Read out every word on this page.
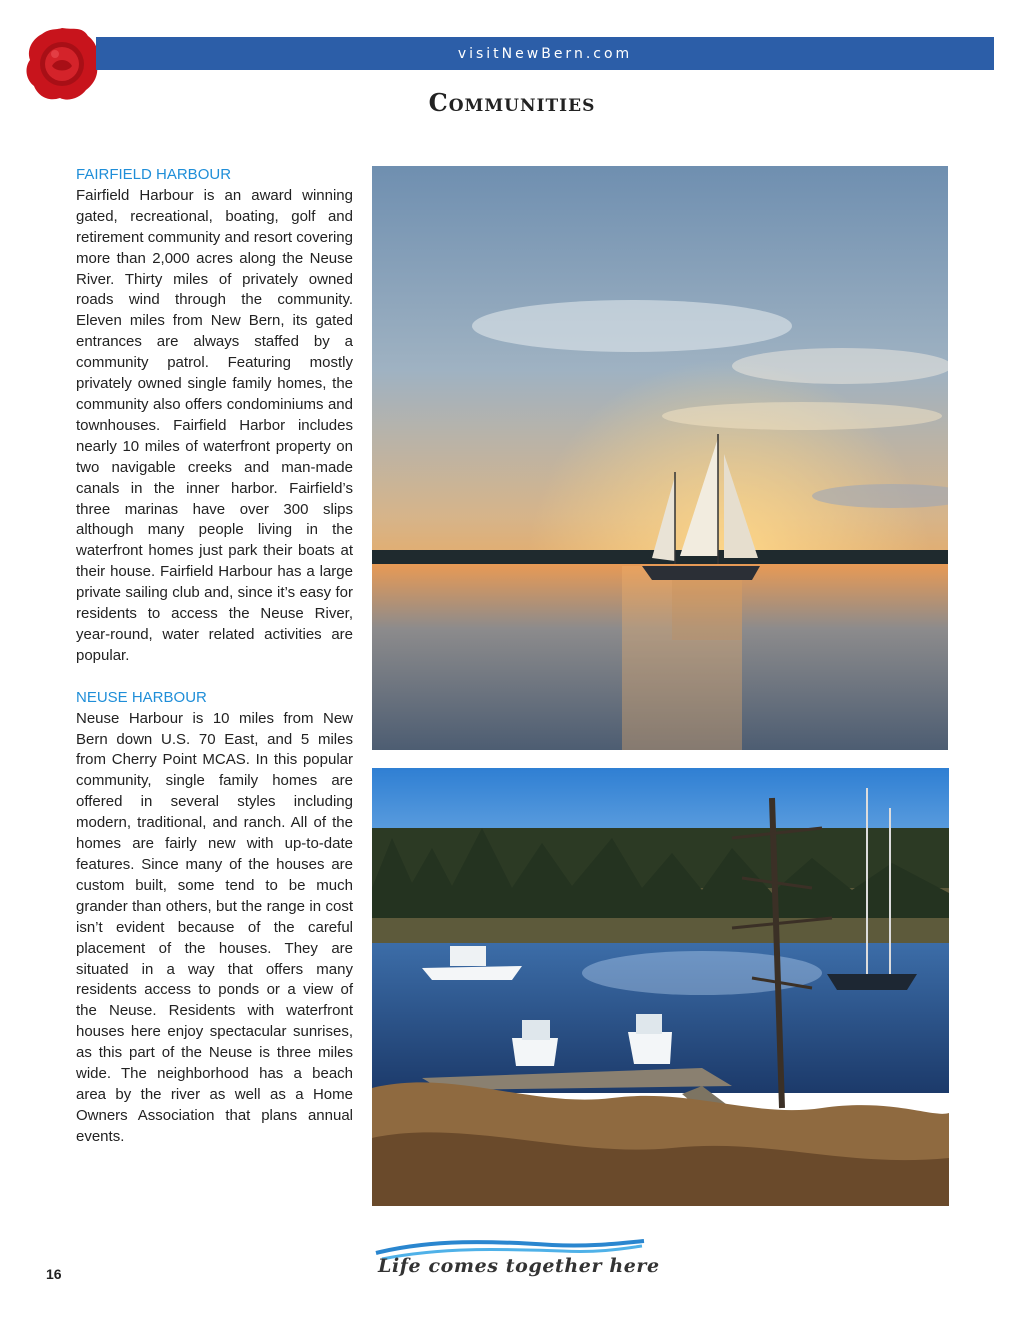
visitNewBern.com
Communities
FAIRFIELD HARBOUR

Fairfield Harbour is an award winning gated, recreational, boating, golf and retirement community and resort covering more than 2,000 acres along the Neuse River. Thirty miles of privately owned roads wind through the community. Eleven miles from New Bern, its gated entrances are always staffed by a community patrol. Featuring mostly privately owned single family homes, the community also offers condominiums and townhouses. Fairfield Harbor includes nearly 10 miles of waterfront property on two navigable creeks and man-made canals in the inner harbor. Fairfield’s three marinas have over 300 slips although many people living in the waterfront homes just park their boats at their house. Fairfield Harbour has a large private sailing club and, since it’s easy for residents to access the Neuse River, year-round, water related activities are popular.

NEUSE HARBOUR

Neuse Harbour is 10 miles from New Bern down U.S. 70 East, and 5 miles from Cherry Point MCAS. In this popular community, single family homes are offered in several styles including modern, traditional, and ranch. All of the homes are fairly new with up-to-date features. Since many of the houses are custom built, some tend to be much grander than others, but the range in cost isn’t evident because of the careful placement of the houses. They are situated in a way that offers many residents access to ponds or a view of the Neuse. Residents with waterfront houses here enjoy spectacular sunrises, as this part of the Neuse is three miles wide. The neighborhood has a beach area by the river as well as a Home Owners Association that plans annual events.

Life comes together here
16
